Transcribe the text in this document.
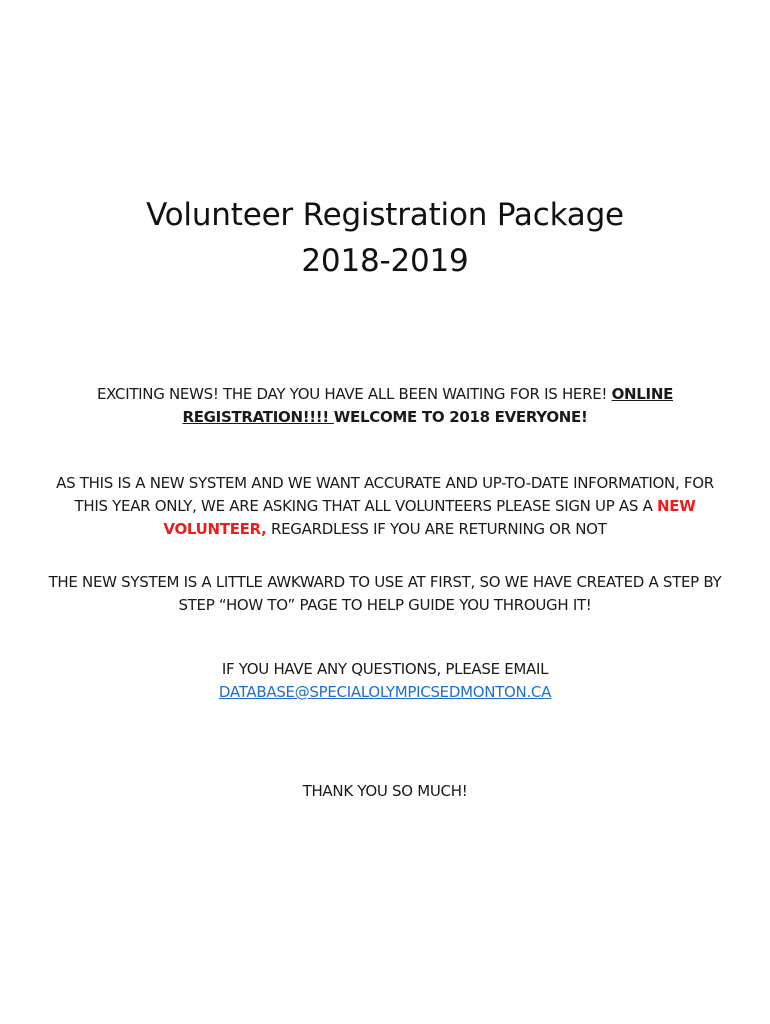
Volunteer Registration Package
2018-2019

EXCITING NEWS! THE DAY YOU HAVE ALL BEEN WAITING FOR IS HERE! ONLINE REGISTRATION!!!! WELCOME TO 2018 EVERYONE!

AS THIS IS A NEW SYSTEM AND WE WANT ACCURATE AND UP-TO-DATE INFORMATION, FOR THIS YEAR ONLY, WE ARE ASKING THAT ALL VOLUNTEERS PLEASE SIGN UP AS A NEW VOLUNTEER, REGARDLESS IF YOU ARE RETURNING OR NOT

THE NEW SYSTEM IS A LITTLE AWKWARD TO USE AT FIRST, SO WE HAVE CREATED A STEP BY STEP “HOW TO” PAGE TO HELP GUIDE YOU THROUGH IT!

IF YOU HAVE ANY QUESTIONS, PLEASE EMAIL
DATABASE@SPECIALOLYMPICSEDMONTON.CA

THANK YOU SO MUCH!
